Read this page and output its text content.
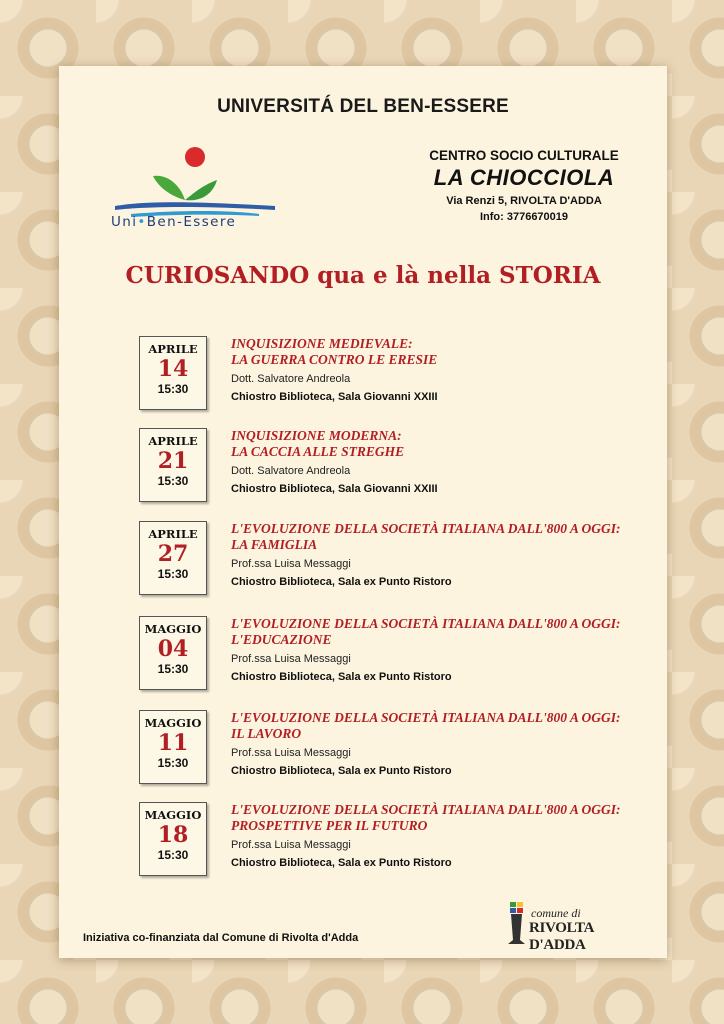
UNIVERSITÁ DEL BEN-ESSERE
Uni•Ben-Essere
CENTRO SOCIO CULTURALE
LA CHIOCCIOLA
Via Renzi 5, RIVOLTA D'ADDA
Info: 3776670019
CURIOSANDO qua e là nella STORIA
APRILE
14
15:30
INQUISIZIONE MEDIEVALE:
LA GUERRA CONTRO LE ERESIE
Dott. Salvatore Andreola
Chiostro Biblioteca, Sala Giovanni XXIII
APRILE
21
15:30
INQUISIZIONE MODERNA:
LA CACCIA ALLE STREGHE
Dott. Salvatore Andreola
Chiostro Biblioteca, Sala Giovanni XXIII
APRILE
27
15:30
L'EVOLUZIONE DELLA SOCIETÀ ITALIANA DALL'800 A OGGI:
LA FAMIGLIA
Prof.ssa Luisa Messaggi
Chiostro Biblioteca, Sala ex Punto Ristoro
MAGGIO
04
15:30
L'EVOLUZIONE DELLA SOCIETÀ ITALIANA DALL'800 A OGGI:
L'EDUCAZIONE
Prof.ssa Luisa Messaggi
Chiostro Biblioteca, Sala ex Punto Ristoro
MAGGIO
11
15:30
L'EVOLUZIONE DELLA SOCIETÀ ITALIANA DALL'800 A OGGI:
IL LAVORO
Prof.ssa Luisa Messaggi
Chiostro Biblioteca, Sala ex Punto Ristoro
MAGGIO
18
15:30
L'EVOLUZIONE DELLA SOCIETÀ ITALIANA DALL'800 A OGGI:
PROSPETTIVE PER IL FUTURO
Prof.ssa Luisa Messaggi
Chiostro Biblioteca, Sala ex Punto Ristoro
Iniziativa co-finanziata dal Comune di Rivolta d'Adda
comune di
RIVOLTA D'ADDA
